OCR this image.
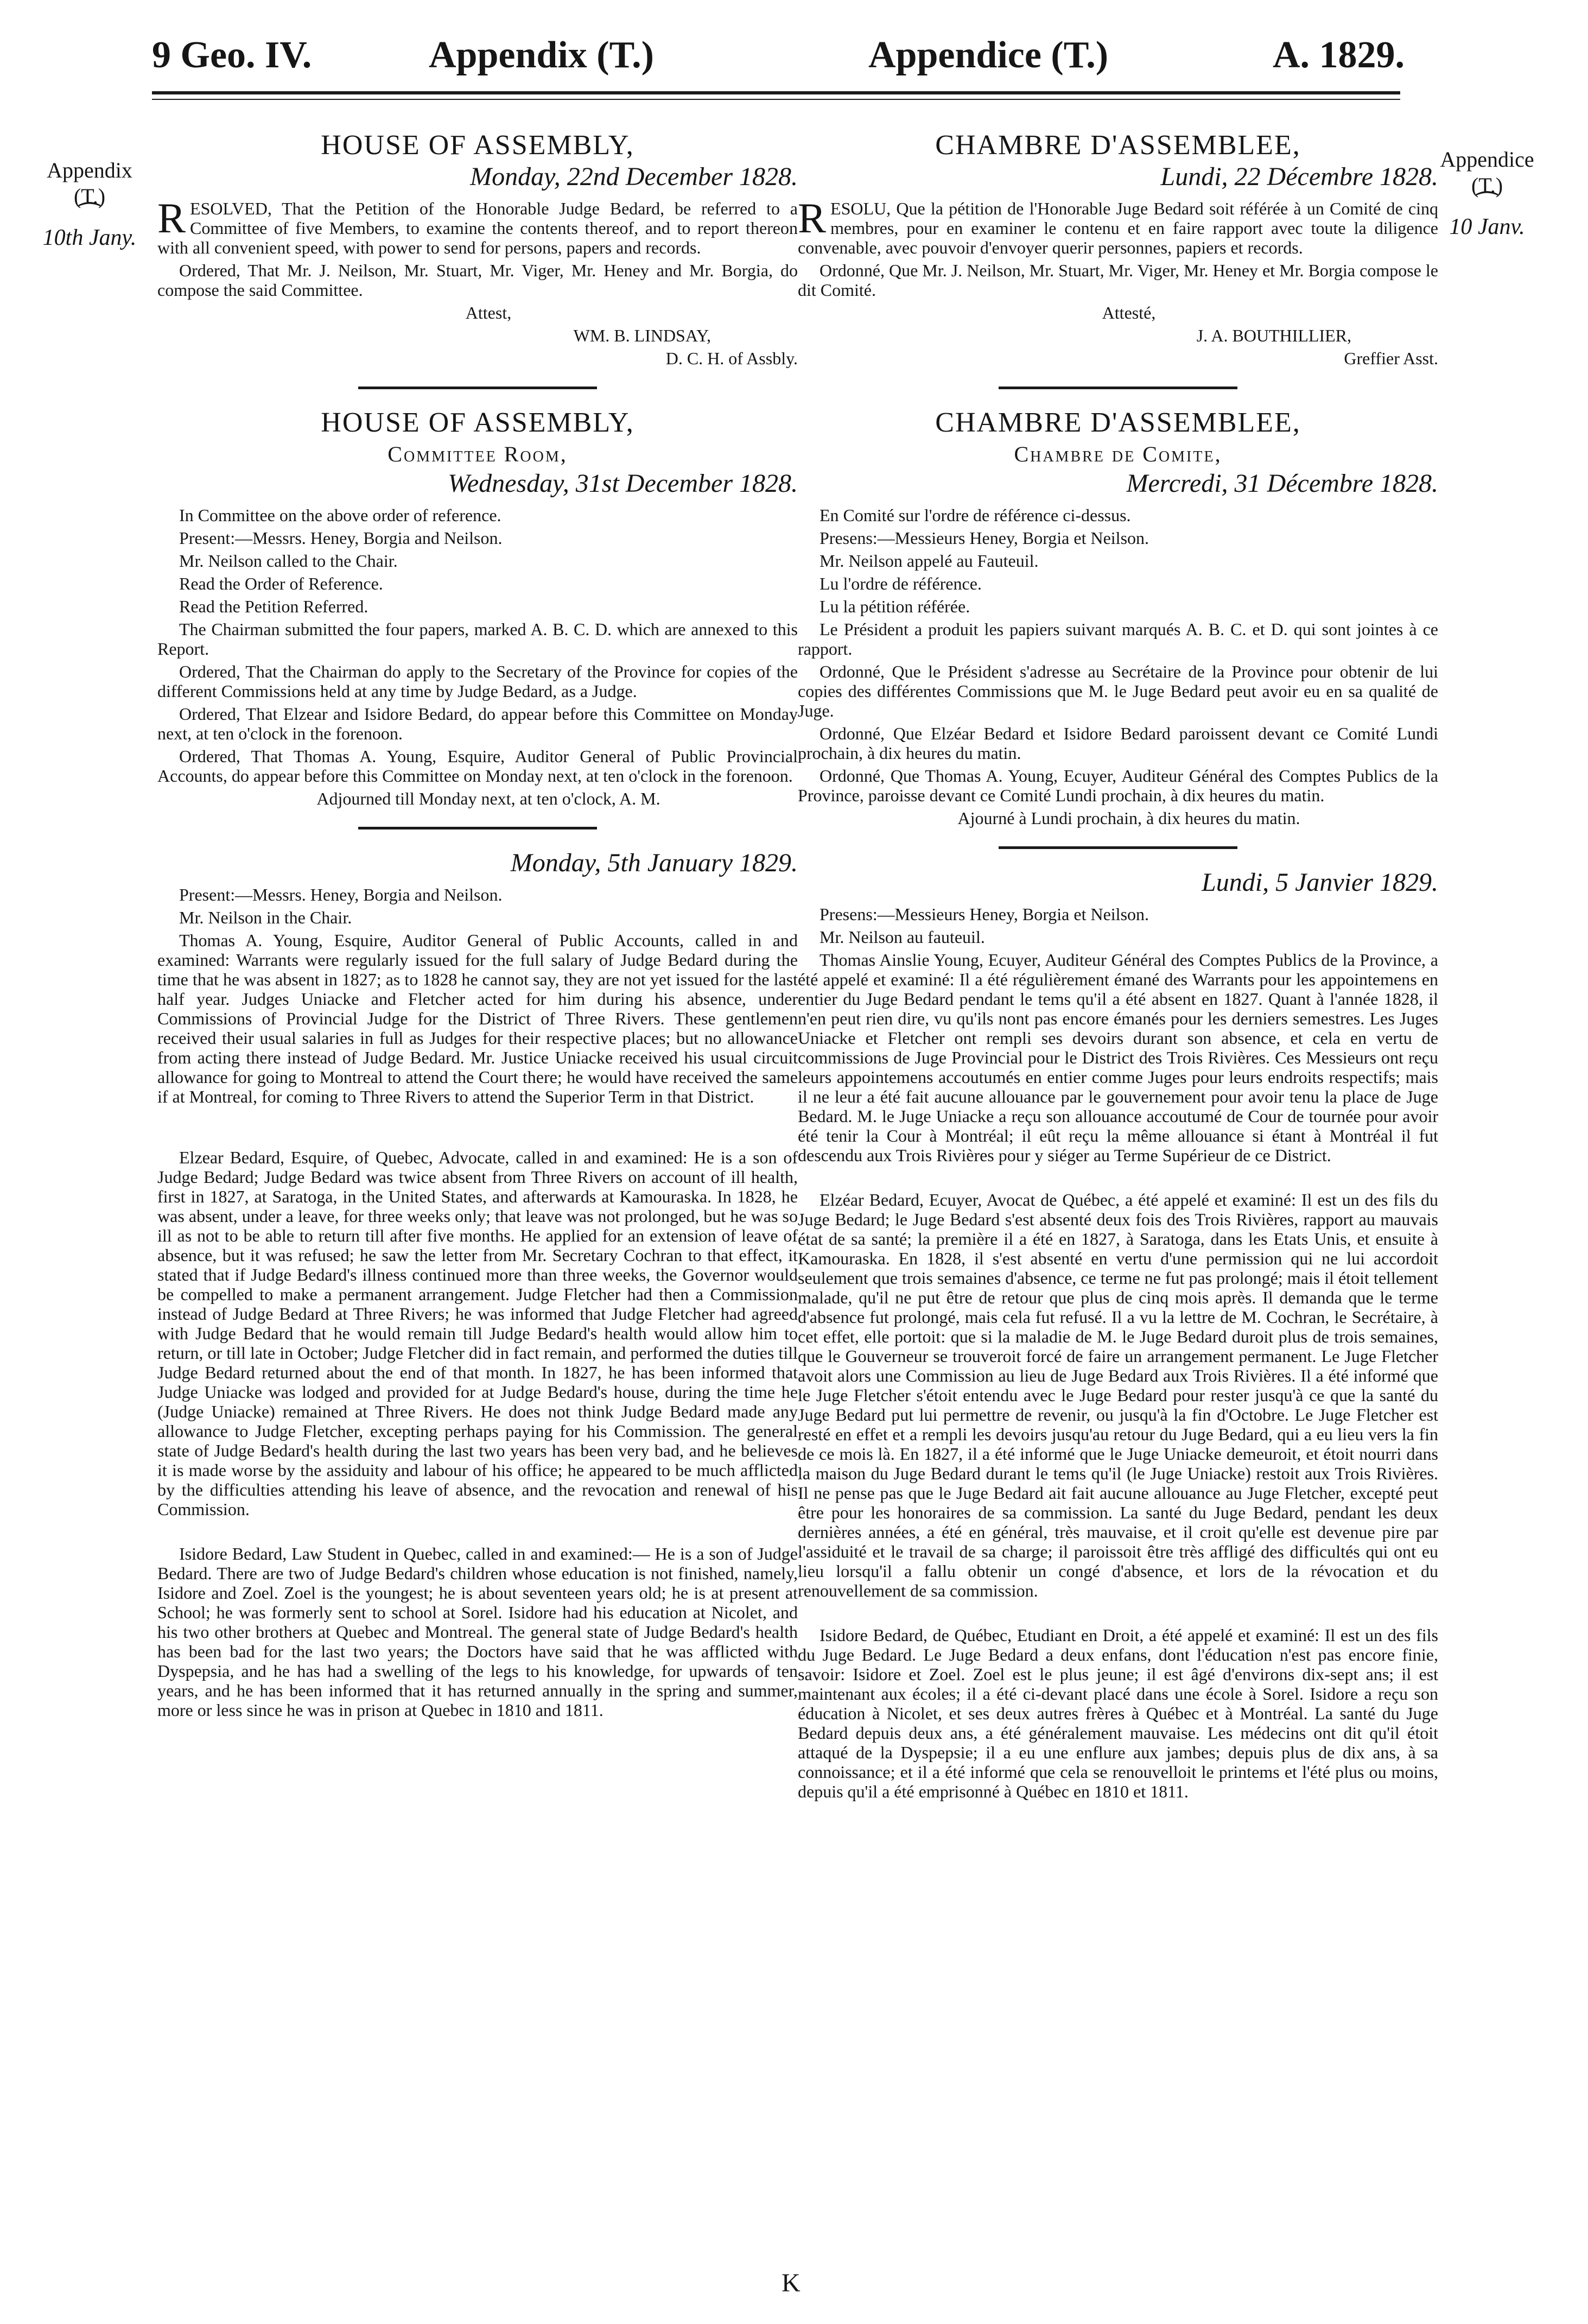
9 Geo. IV.	Appendix (T.)	Appendice (T.)	A. 1829.
Appendix
(T.)
⁀
10th Jany.
Appendice
(T.)
⁀
10 Janv.
HOUSE OF ASSEMBLY,
Monday, 22nd December 1828.

RESOLVED, That the Petition of the Honorable Judge Bedard, be referred to a Committee of five Members, to examine the contents thereof, and to report thereon with all convenient speed, with power to send for persons, papers and records.

Ordered, That Mr. J. Neilson, Mr. Stuart, Mr. Viger, Mr. Heney and Mr. Borgia, do compose the said Committee.

Attest,

WM. B. LINDSAY,

D. C. H. of Assbly.

HOUSE OF ASSEMBLY,
Committee Room,
Wednesday, 31st December 1828.

In Committee on the above order of reference.

Present:—Messrs. Heney, Borgia and Neilson.

Mr. Neilson called to the Chair.

Read the Order of Reference.

Read the Petition Referred.

The Chairman submitted the four papers, marked A. B. C. D. which are annexed to this Report.

Ordered, That the Chairman do apply to the Secretary of the Province for copies of the different Commissions held at any time by Judge Bedard, as a Judge.

Ordered, That Elzear and Isidore Bedard, do appear before this Committee on Monday next, at ten o'clock in the forenoon.

Ordered, That Thomas A. Young, Esquire, Auditor General of Public Provincial Accounts, do appear before this Committee on Monday next, at ten o'clock in the forenoon.

Adjourned till Monday next, at ten o'clock, A. M.

Monday, 5th January 1829.

Present:—Messrs. Heney, Borgia and Neilson.

Mr. Neilson in the Chair.

Thomas A. Young, Esquire, Auditor General of Public Accounts, called in and examined: Warrants were regularly issued for the full salary of Judge Bedard during the time that he was absent in 1827; as to 1828 he cannot say, they are not yet issued for the last half year. Judges Uniacke and Fletcher acted for him during his absence, under Commissions of Provincial Judge for the District of Three Rivers. These gentlemen received their usual salaries in full as Judges for their respective places; but no allowance from acting there instead of Judge Bedard. Mr. Justice Uniacke received his usual circuit allowance for going to Montreal to attend the Court there; he would have received the same if at Montreal, for coming to Three Rivers to attend the Superior Term in that District.

Elzear Bedard, Esquire, of Quebec, Advocate, called in and examined: He is a son of Judge Bedard; Judge Bedard was twice absent from Three Rivers on account of ill health, first in 1827, at Saratoga, in the United States, and afterwards at Kamouraska. In 1828, he was absent, under a leave, for three weeks only; that leave was not prolonged, but he was so ill as not to be able to return till after five months. He applied for an extension of leave of absence, but it was refused; he saw the letter from Mr. Secretary Cochran to that effect, it stated that if Judge Bedard's illness continued more than three weeks, the Governor would be compelled to make a permanent arrangement. Judge Fletcher had then a Commission instead of Judge Bedard at Three Rivers; he was informed that Judge Fletcher had agreed with Judge Bedard that he would remain till Judge Bedard's health would allow him to return, or till late in October; Judge Fletcher did in fact remain, and performed the duties till Judge Bedard returned about the end of that month. In 1827, he has been informed that Judge Uniacke was lodged and provided for at Judge Bedard's house, during the time he (Judge Uniacke) remained at Three Rivers. He does not think Judge Bedard made any allowance to Judge Fletcher, excepting perhaps paying for his Commission. The general state of Judge Bedard's health during the last two years has been very bad, and he believes it is made worse by the assiduity and labour of his office; he appeared to be much afflicted by the difficulties attending his leave of absence, and the revocation and renewal of his Commission.

Isidore Bedard, Law Student in Quebec, called in and examined:— He is a son of Judge Bedard. There are two of Judge Bedard's children whose education is not finished, namely, Isidore and Zoel. Zoel is the youngest; he is about seventeen years old; he is at present at School; he was formerly sent to school at Sorel. Isidore had his education at Nicolet, and his two other brothers at Quebec and Montreal. The general state of Judge Bedard's health has been bad for the last two years; the Doctors have said that he was afflicted with Dyspepsia, and he has had a swelling of the legs to his knowledge, for upwards of ten years, and he has been informed that it has returned annually in the spring and summer, more or less since he was in prison at Quebec in 1810 and 1811.

CHAMBRE D'ASSEMBLEE,
Lundi, 22 Décembre 1828.

RESOLU, Que la pétition de l'Honorable Juge Bedard soit référée à un Comité de cinq membres, pour en examiner le contenu et en faire rapport avec toute la diligence convenable, avec pouvoir d'envoyer querir personnes, papiers et records.

Ordonné, Que Mr. J. Neilson, Mr. Stuart, Mr. Viger, Mr. Heney et Mr. Borgia compose le dit Comité.

Attesté,

J. A. BOUTHILLIER,

Greffier Asst.

CHAMBRE D'ASSEMBLEE,
Chambre de Comite,
Mercredi, 31 Décembre 1828.

En Comité sur l'ordre de référence ci-dessus.

Presens:—Messieurs Heney, Borgia et Neilson.

Mr. Neilson appelé au Fauteuil.

Lu l'ordre de référence.

Lu la pétition référée.

Le Président a produit les papiers suivant marqués A. B. C. et D. qui sont jointes à ce rapport.

Ordonné, Que le Président s'adresse au Secrétaire de la Province pour obtenir de lui copies des différentes Commissions que M. le Juge Bedard peut avoir eu en sa qualité de Juge.

Ordonné, Que Elzéar Bedard et Isidore Bedard paroissent devant ce Comité Lundi prochain, à dix heures du matin.

Ordonné, Que Thomas A. Young, Ecuyer, Auditeur Général des Comptes Publics de la Province, paroisse devant ce Comité Lundi prochain, à dix heures du matin.

Ajourné à Lundi prochain, à dix heures du matin.

Lundi, 5 Janvier 1829.

Presens:—Messieurs Heney, Borgia et Neilson.

Mr. Neilson au fauteuil.

Thomas Ainslie Young, Ecuyer, Auditeur Général des Comptes Publics de la Province, a été appelé et examiné: Il a été régulièrement émané des Warrants pour les appointemens en entier du Juge Bedard pendant le tems qu'il a été absent en 1827. Quant à l'année 1828, il n'en peut rien dire, vu qu'ils nont pas encore émanés pour les derniers semestres. Les Juges Uniacke et Fletcher ont rempli ses devoirs durant son absence, et cela en vertu de commissions de Juge Provincial pour le District des Trois Rivières. Ces Messieurs ont reçu leurs appointemens accoutumés en entier comme Juges pour leurs endroits respectifs; mais il ne leur a été fait aucune allouance par le gouvernement pour avoir tenu la place de Juge Bedard. M. le Juge Uniacke a reçu son allouance accoutumé de Cour de tournée pour avoir été tenir la Cour à Montréal; il eût reçu la même allouance si étant à Montréal il fut descendu aux Trois Rivières pour y siéger au Terme Supérieur de ce District.

Elzéar Bedard, Ecuyer, Avocat de Québec, a été appelé et examiné: Il est un des fils du Juge Bedard; le Juge Bedard s'est absenté deux fois des Trois Rivières, rapport au mauvais état de sa santé; la première il a été en 1827, à Saratoga, dans les Etats Unis, et ensuite à Kamouraska. En 1828, il s'est absenté en vertu d'une permission qui ne lui accordoit seulement que trois semaines d'absence, ce terme ne fut pas prolongé; mais il étoit tellement malade, qu'il ne put être de retour que plus de cinq mois après. Il demanda que le terme d'absence fut prolongé, mais cela fut refusé. Il a vu la lettre de M. Cochran, le Secrétaire, à cet effet, elle portoit: que si la maladie de M. le Juge Bedard duroit plus de trois semaines, que le Gouverneur se trouveroit forcé de faire un arrangement permanent. Le Juge Fletcher avoit alors une Commission au lieu de Juge Bedard aux Trois Rivières. Il a été informé que le Juge Fletcher s'étoit entendu avec le Juge Bedard pour rester jusqu'à ce que la santé du Juge Bedard put lui permettre de revenir, ou jusqu'à la fin d'Octobre. Le Juge Fletcher est resté en effet et a rempli les devoirs jusqu'au retour du Juge Bedard, qui a eu lieu vers la fin de ce mois là. En 1827, il a été informé que le Juge Uniacke demeuroit, et étoit nourri dans la maison du Juge Bedard durant le tems qu'il (le Juge Uniacke) restoit aux Trois Rivières. Il ne pense pas que le Juge Bedard ait fait aucune allouance au Juge Fletcher, excepté peut être pour les honoraires de sa commission. La santé du Juge Bedard, pendant les deux dernières années, a été en général, très mauvaise, et il croit qu'elle est devenue pire par l'assiduité et le travail de sa charge; il paroissoit être très affligé des difficultés qui ont eu lieu lorsqu'il a fallu obtenir un congé d'absence, et lors de la révocation et du renouvellement de sa commission.

Isidore Bedard, de Québec, Etudiant en Droit, a été appelé et examiné: Il est un des fils du Juge Bedard. Le Juge Bedard a deux enfans, dont l'éducation n'est pas encore finie, savoir: Isidore et Zoel. Zoel est le plus jeune; il est âgé d'environs dix-sept ans; il est maintenant aux écoles; il a été ci-devant placé dans une école à Sorel. Isidore a reçu son éducation à Nicolet, et ses deux autres frères à Québec et à Montréal. La santé du Juge Bedard depuis deux ans, a été généralement mauvaise. Les médecins ont dit qu'il étoit attaqué de la Dyspepsie; il a eu une enflure aux jambes; depuis plus de dix ans, à sa connoissance; et il a été informé que cela se renouvelloit le printems et l'été plus ou moins, depuis qu'il a été emprisonné à Québec en 1810 et 1811.

K
